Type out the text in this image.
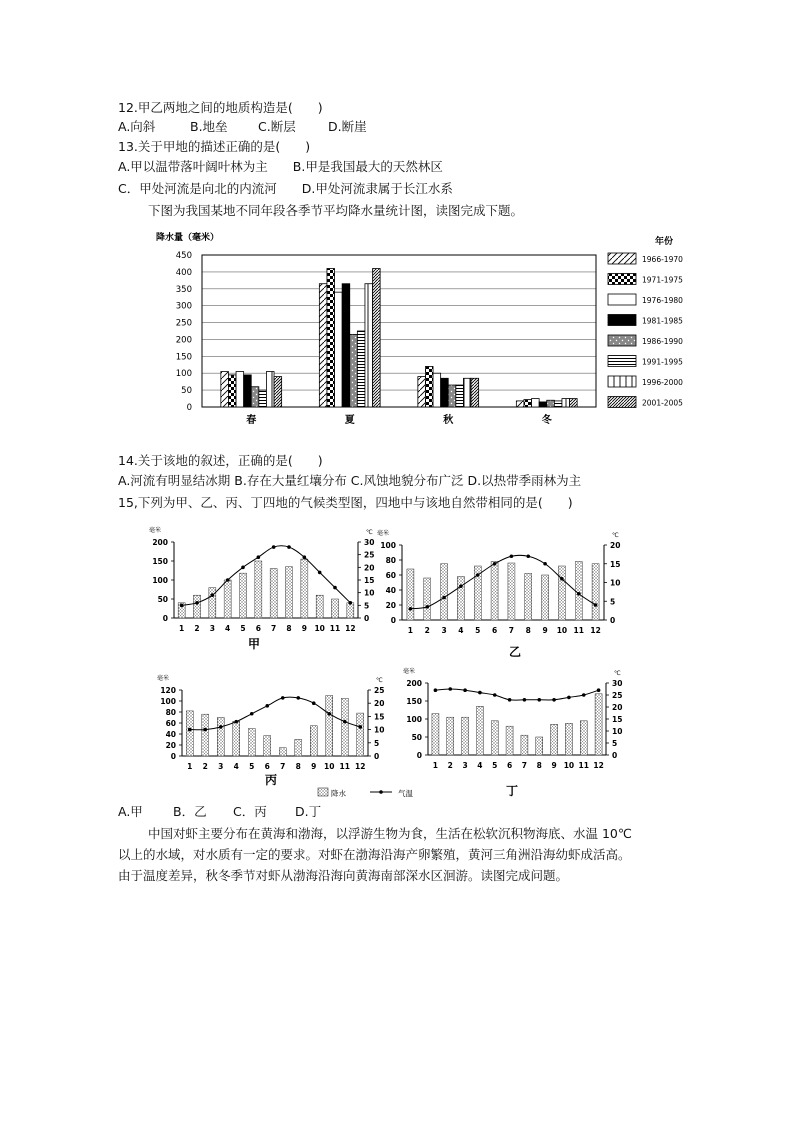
12.甲乙两地之间的地质构造是(　　)
A.向斜	B.地垒 C.断层	D.断崖
13.关于甲地的描述正确的是(　　)
A.甲以温带落叶阔叶林为主　　B.甲是我国最大的天然林区
C．甲处河流是向北的内流河　　D.甲处河流隶属于长江水系
下图为我国某地不同年段各季节平均降水量统计图，读图完成下题。
降水量（毫米）
0
50
100
150
200
250
300
350
400
450
春	夏	秋	冬
年份
1966-1970
1971-1975
1976-1980
1981-1985
1986-1990
1991-1995
1996-2000
2001-2005
14.关于该地的叙述，正确的是(　　)
A.河流有明显结冰期 B.存在大量红壤分布 C.风蚀地貌分布广泛 D.以热带季雨林为主
15,下列为甲、乙、丙、丁四地的气候类型图，四地中与该地自然带相同的是(　　)
毫米	℃
0
50
100
150
200
0
5
10
15
20
25
30
1 2 3 4 5 6 7 8 9 10 11 12
甲
毫米	℃
0
20
40
60
80
100
0
5
10
15
20
1 2 3 4 5 6 7 8 9 10 11 12
乙
毫米	℃
0
20
40
60
80
100
120
0
5
10
15
20
25
1 2 3 4 5 6 7 8 9 10 11 12
丙
毫米	℃
0
50
100
150
200
0
5
10
15
20
25
30
1 2 3 4 5 6 7 8 9 10 11 12
丁
降水	气温
A.甲 B．乙 C．丙 D.丁
中国对虾主要分布在黄海和渤海，以浮游生物为食，生活在松软沉积物海底、水温 10℃
以上的水域，对水质有一定的要求。对虾在渤海沿海产卵繁殖，黄河三角洲沿海幼虾成活高。
由于温度差异，秋冬季节对虾从渤海沿海向黄海南部深水区洄游。读图完成问题。
